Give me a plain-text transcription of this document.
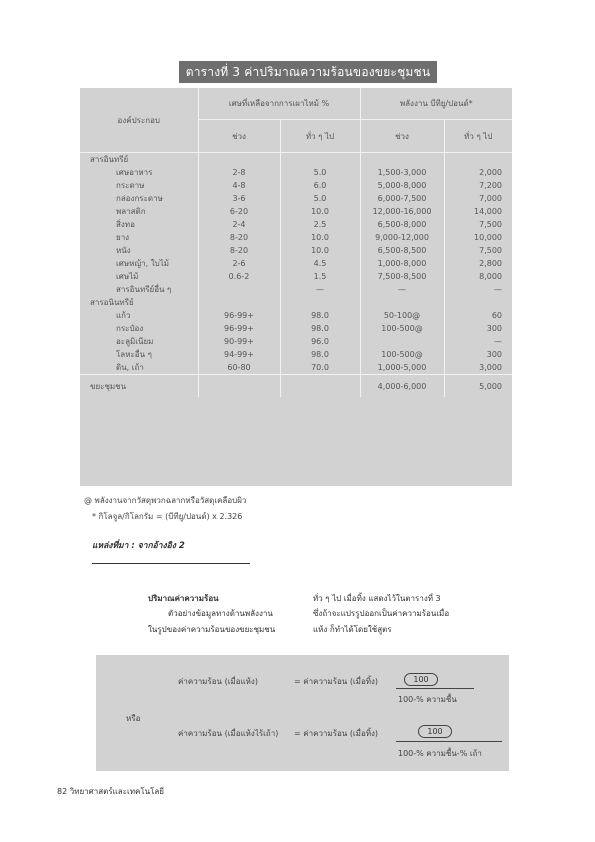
ตารางที่ 3 ค่าปริมาณความร้อนของขยะชุมชน
องค์ประกอบ	เศษที่เหลือจากการเผาไหม้ %		พลังงาน บีทียู/ปอนด์*	
	ช่วง	ทั่ว ๆ ไป	ช่วง	ทั่ว ๆ ไป
สารอินทรีย์				
เศษอาหาร	2-8	5.0	1,500-3,000	2,000
กระดาษ	4-8	6.0	5,000-8,000	7,200
กล่องกระดาษ	3-6	5.0	6,000-7,500	7,000
พลาสติก	6-20	10.0	12,000-16,000	14,000
สิ่งทอ	2-4	2.5	6,500-8,000	7,500
ยาง	8-20	10.0	9,000-12,000	10,000
หนัง	8-20	10.0	6,500-8,500	7,500
เศษหญ้า, ใบไม้	2-6	4.5	1,000-8,000	2,800
เศษไม้	0.6-2	1.5	7,500-8,500	8,000
สารอินทรีย์อื่น ๆ		—	—	—
สารอนินทรีย์				
แก้ว	96-99+	98.0	50-100@	60
กระป๋อง	96-99+	98.0	100-500@	300
อะลูมิเนียม	90-99+	96.0		—
โลหะอื่น ๆ	94-99+	98.0	100-500@	300
ดิน, เถ้า	60-80	70.0	1,000-5,000	3,000
ขยะชุมชน			4,000-6,000	5,000
@ พลังงานจากวัสดุพวกฉลากหรือวัสดุเคลือบผิว
* กิโลจูล/กิโลกรัม = (บีทียู/ปอนด์) x 2.326
แหล่งที่มา : จากอ้างอิง 2
ปริมาณค่าความร้อน
ตัวอย่างข้อมูลทางด้านพลังงาน
ในรูปของค่าความร้อนของขยะชุมชน
ทั่ว ๆ ไป เมื่อทิ้ง แสดงไว้ในตารางที่ 3
ซึ่งถ้าจะแปรรูปออกเป็นค่าความร้อนเมื่อ
แห้ง ก็ทำได้โดยใช้สูตร
ค่าความร้อน (เมื่อแห้ง)	= ค่าความร้อน (เมื่อทิ้ง)	100
100-% ความชื้น
หรือ
ค่าความร้อน (เมื่อแห้งไร้เถ้า) = ค่าความร้อน (เมื่อทิ้ง)	100
100-% ความชื้น-% เถ้า
82 วิทยาศาสตร์และเทคโนโลยี
